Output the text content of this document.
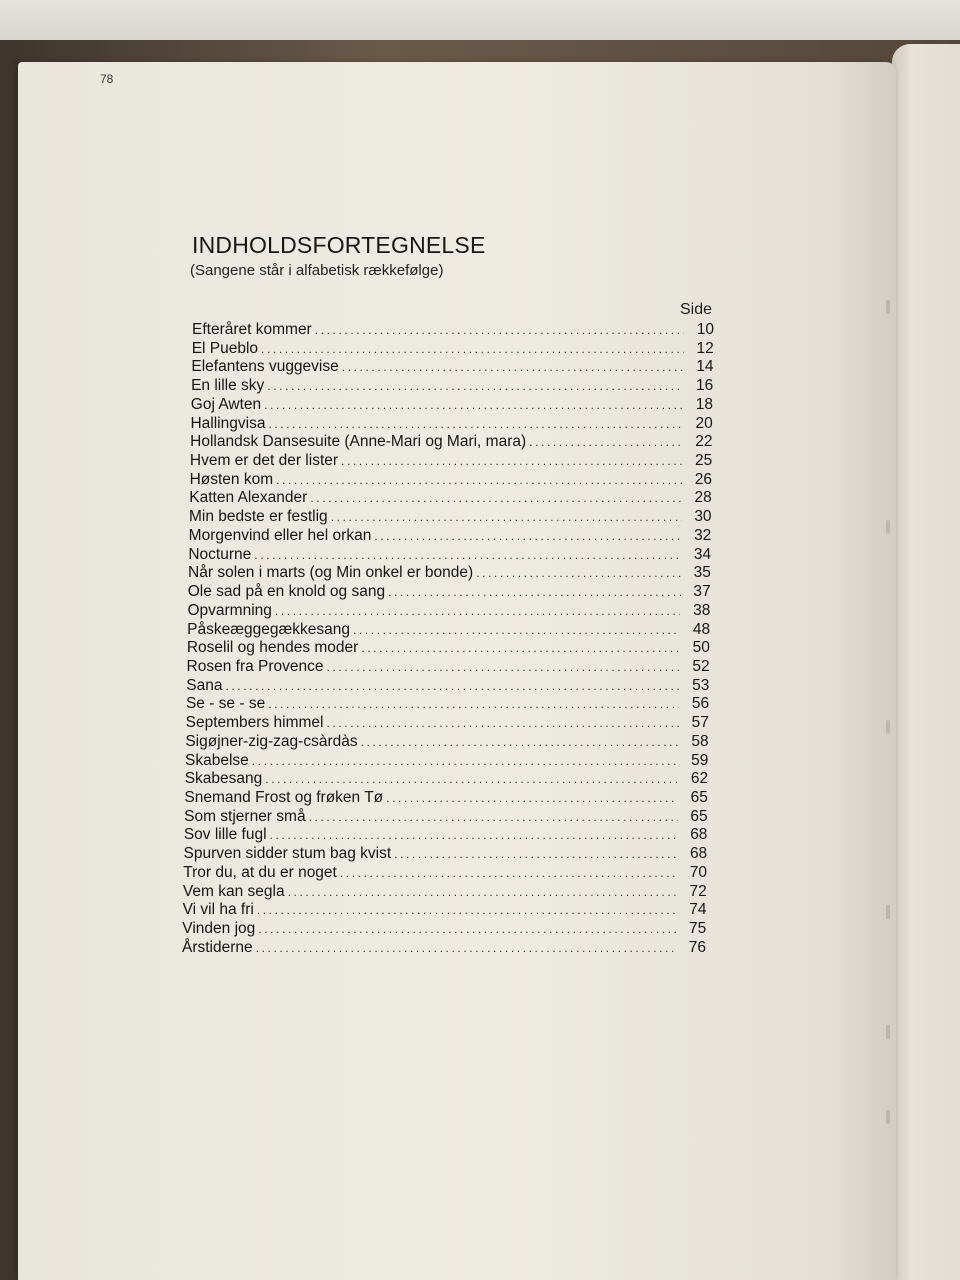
78
INDHOLDSFORTEGNELSE
(Sangene står i alfabetisk rækkefølge)
Side
Efteråret kommer .....	10
El Pueblo .....	12
Elefantens vuggevise .....	14
En lille sky .....	16
Goj Awten .....	18
Hallingvisa .....	20
Hollandsk Dansesuite (Anne-Mari og Mari, mara) .....	22
Hvem er det der lister .....	25
Høsten kom .....	26
Katten Alexander .....	28
Min bedste er festlig .....	30
Morgenvind eller hel orkan .....	32
Nocturne .....	34
Når solen i marts (og Min onkel er bonde) .....	35
Ole sad på en knold og sang .....	37
Opvarmning .....	38
Påskeæggegækkesang .....	48
Roselil og hendes moder .....	50
Rosen fra Provence .....	52
Sana .....	53
Se - se - se .....	56
Septembers himmel .....	57
Sigøjner-zig-zag-csàrdàs .....	58
Skabelse .....	59
Skabesang .....	62
Snemand Frost og frøken Tø .....	65
Som stjerner små .....	65
Sov lille fugl .....	68
Spurven sidder stum bag kvist .....	68
Tror du, at du er noget .....	70
Vem kan segla .....	72
Vi vil ha fri .....	74
Vinden jog .....	75
Årstiderne .....	76
